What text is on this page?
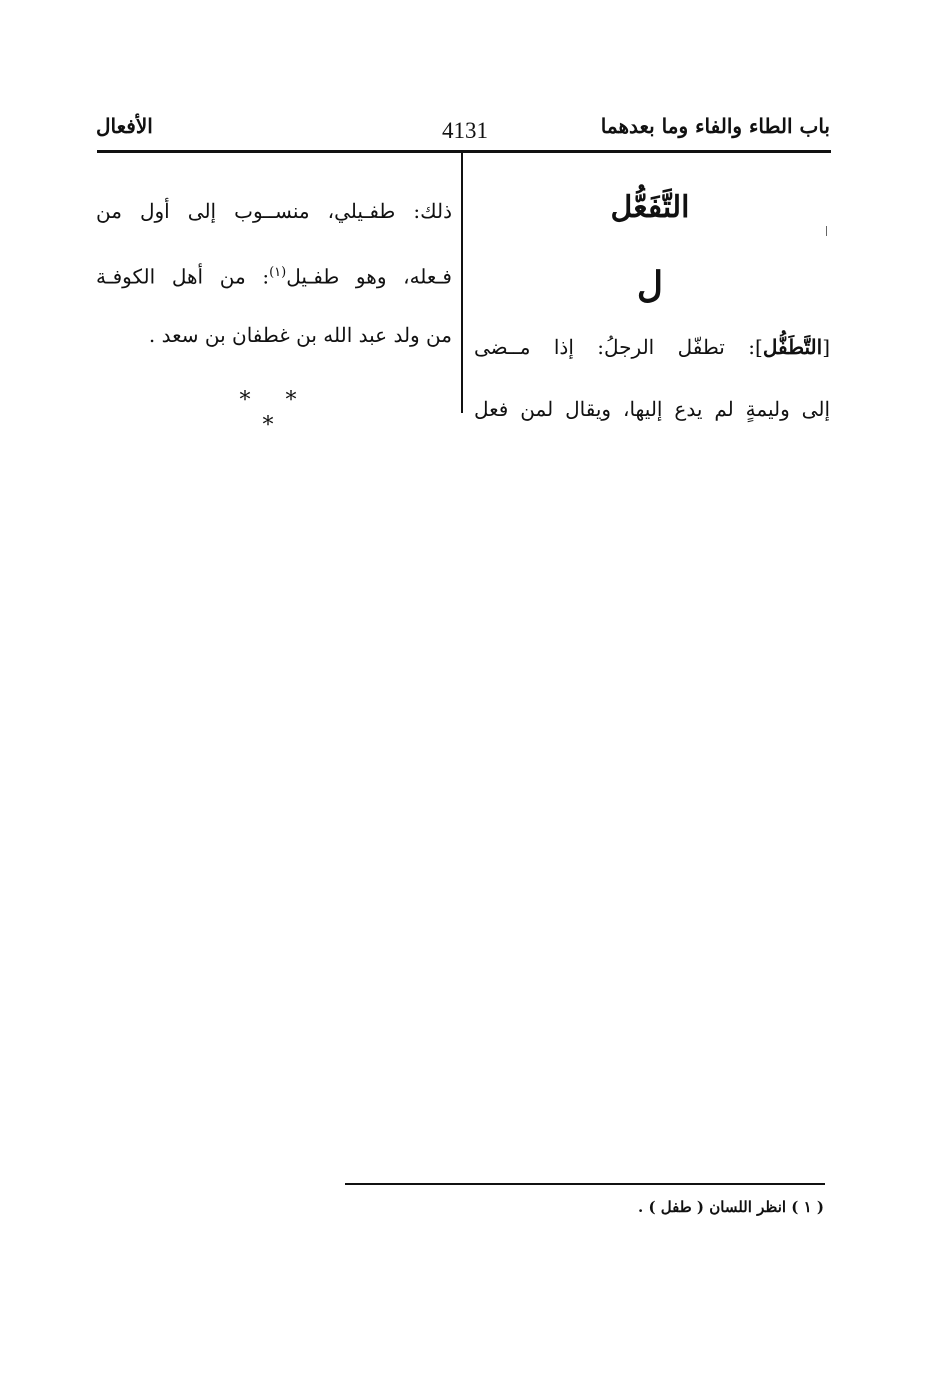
باب الطاء والفاء وما بعدهما
4131
الأفعال
التَّفَعُّل
ل
[التَّطَفُّل]: تطفّل الرجلُ: إذا مــضى
إلى وليمةٍ لم يدع إليها، ويقال لمن فعل
ذلك: طفـيلي، منســوب إلى أول من
فـعله، وهو طفـيل$^{(١)}$: من أهل الكوفـة
من ولد عبد الله بن غطفان بن سعد .
* * *
( ١ ) انظر اللسان ( طفل ) .
